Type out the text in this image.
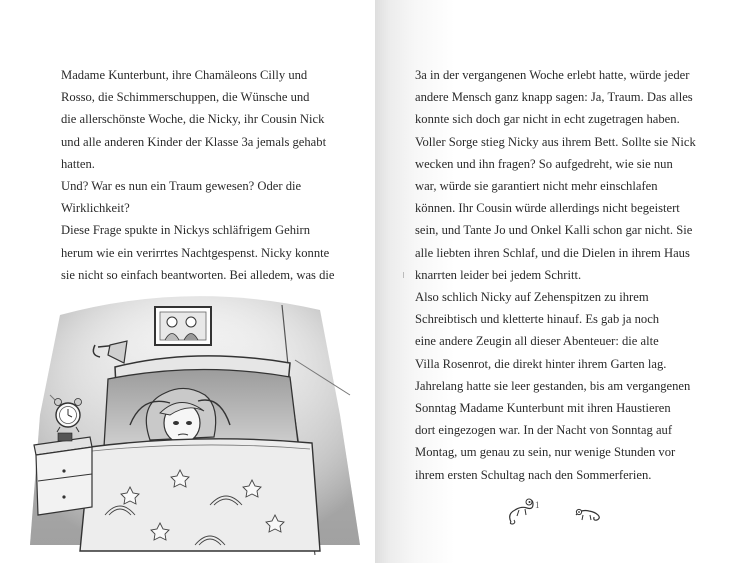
Madame Kunterbunt, ihre Chamäleons Cilly und
Rosso, die Schimmerschuppen, die Wünsche und
die allerschönste Woche, die Nicky, ihr Cousin Nick
und alle anderen Kinder der Klasse 3a jemals gehabt
hatten.
Und? War es nun ein Traum gewesen? Oder die
Wirklichkeit?
Diese Frage spukte in Nickys schläfrigem Gehirn
herum wie ein verirrtes Nachtgespenst. Nicky konnte
sie nicht so einfach beantworten. Bei alledem, was die
3a in der vergangenen Woche erlebt hatte, würde jeder
andere Mensch ganz knapp sagen: Ja, Traum. Das alles
konnte sich doch gar nicht in echt zugetragen haben.
Voller Sorge stieg Nicky aus ihrem Bett. Sollte sie Nick
wecken und ihn fragen? So aufgedreht, wie sie nun
war, würde sie garantiert nicht mehr einschlafen
können. Ihr Cousin würde allerdings nicht begeistert
sein, und Tante Jo und Onkel Kalli schon gar nicht. Sie
alle liebten ihren Schlaf, und die Dielen in ihrem Haus
knarrten leider bei jedem Schritt.
Also schlich Nicky auf Zehenspitzen zu ihrem
Schreibtisch und kletterte hinauf. Es gab ja noch
eine andere Zeugin all dieser Abenteuer: die alte
Villa Rosenrot, die direkt hinter ihrem Garten lag.
Jahrelang hatte sie leer gestanden, bis am vergangenen
Sonntag Madame Kunterbunt mit ihren Haustieren
dort eingezogen war. In der Nacht von Sonntag auf
Montag, um genau zu sein, nur wenige Stunden vor
ihrem ersten Schultag nach den Sommerferien.
1
